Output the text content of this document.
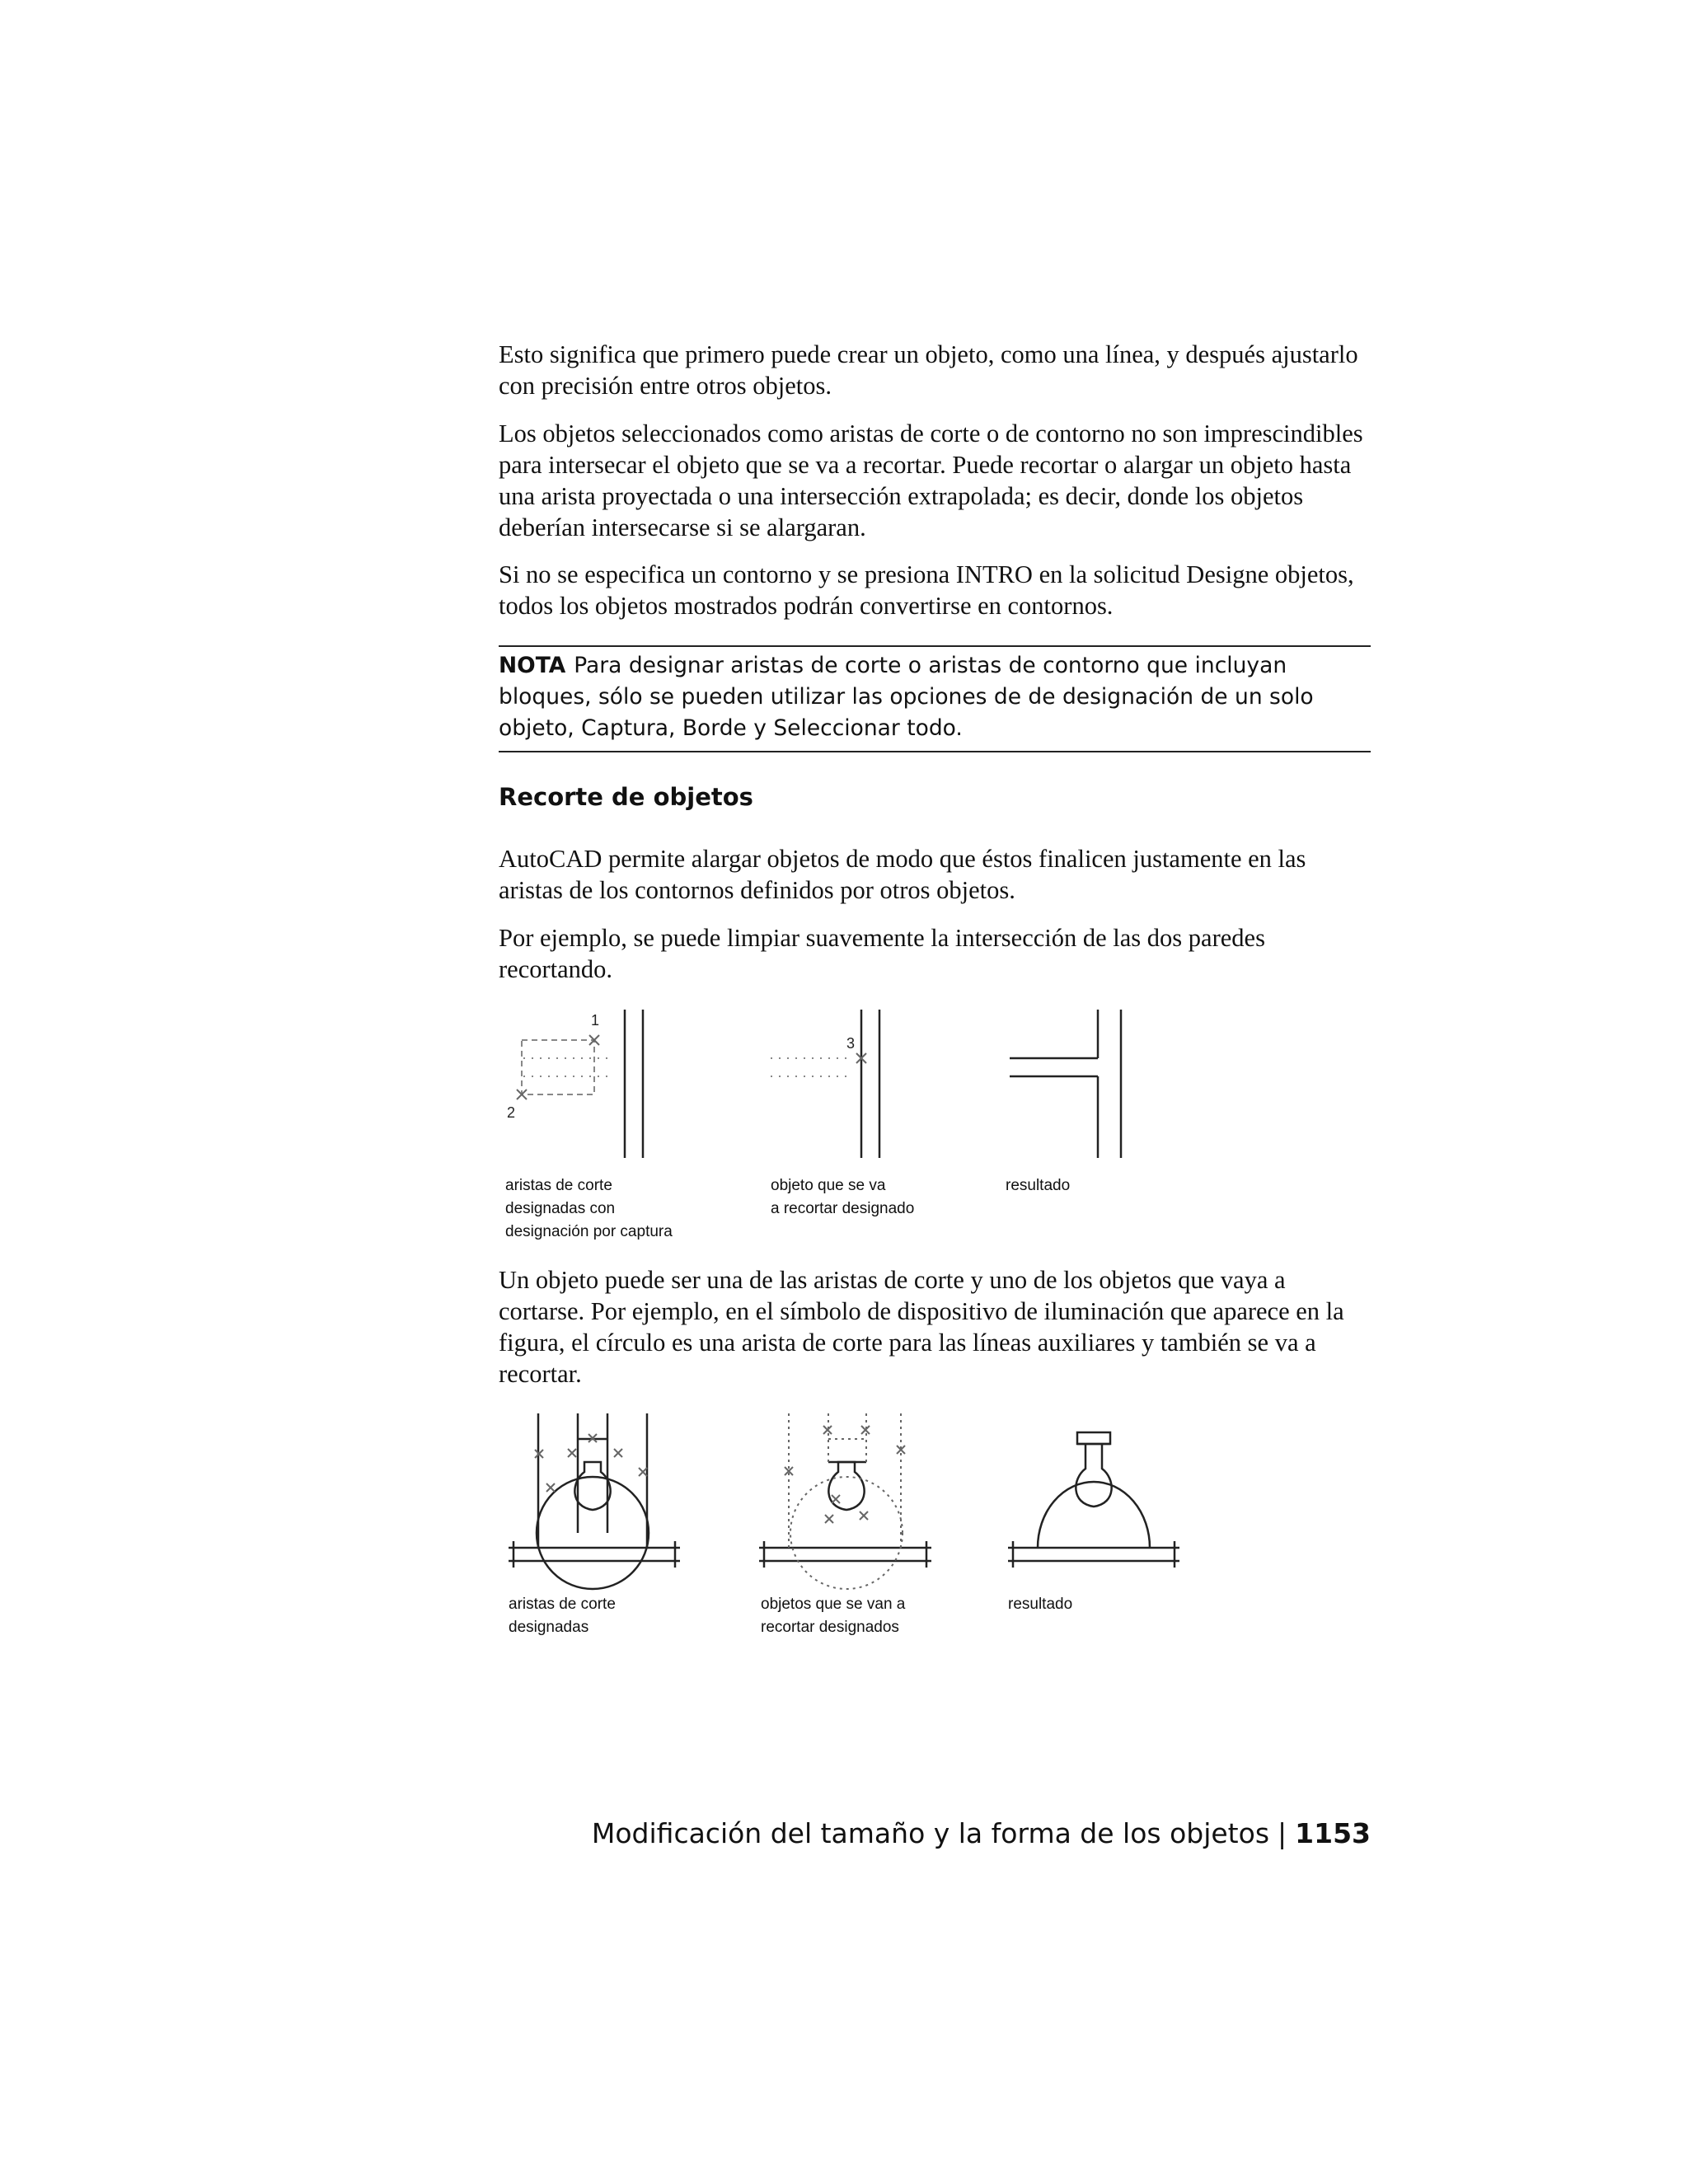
Esto significa que primero puede crear un objeto, como una línea, y después ajustarlo con precisión entre otros objetos.

Los objetos seleccionados como aristas de corte o de contorno no son imprescindibles para intersecar el objeto que se va a recortar. Puede recortar o alargar un objeto hasta una arista proyectada o una intersección extrapolada; es decir, donde los objetos deberían intersecarse si se alargaran.

Si no se especifica un contorno y se presiona INTRO en la solicitud Designe objetos, todos los objetos mostrados podrán convertirse en contornos.

NOTA Para designar aristas de corte o aristas de contorno que incluyan bloques, sólo se pueden utilizar las opciones de de designación de un solo objeto, Captura, Borde y Seleccionar todo.

Recorte de objetos

AutoCAD permite alargar objetos de modo que éstos finalicen justamente en las aristas de los contornos definidos por otros objetos.

Por ejemplo, se puede limpiar suavemente la intersección de las dos paredes recortando.

1
2
3
aristas de corte
designadas con
designación por captura
objeto que se va
a recortar designado
resultado

Un objeto puede ser una de las aristas de corte y uno de los objetos que vaya a cortarse. Por ejemplo, en el símbolo de dispositivo de iluminación que aparece en la figura, el círculo es una arista de corte para las líneas auxiliares y también se va a recortar.

aristas de corte
designadas
objetos que se van a
recortar designados
resultado
Modificación del tamaño y la forma de los objetos | 1153
